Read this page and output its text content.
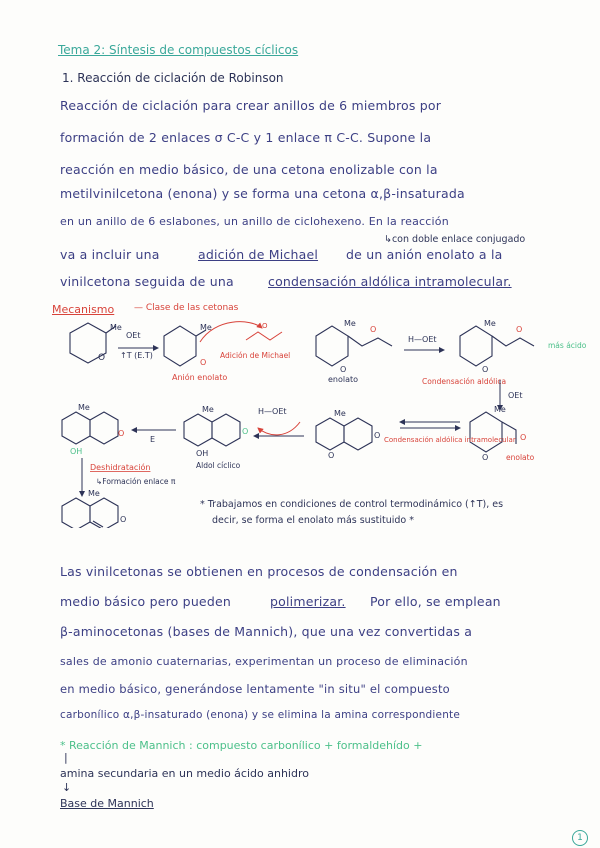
Tema 2: Síntesis de compuestos cíclicos
1. Reacción de ciclación de Robinson
Reacción de ciclación para crear anillos de 6 miembros por
formación de 2 enlaces σ C-C y 1 enlace π C-C. Supone la
reacción en medio básico, de una cetona enolizable con la
metilvinilcetona (enona) y se forma una cetona α,β-insaturada
en un anillo de 6 eslabones, un anillo de ciclohexeno. En la reacción
↳con doble enlace conjugado
va a incluir una	adición de Michael de un anión enolato a la
vinilcetona seguida de una	condensación aldólica intramolecular.
Mecanismo — Clase de las cetonas
Me
O
OEt
↑T (E.T)
Me
O
Anión enolato
O
Adición de Michael
Me
O
O
enolato
H—OEt
Me
O
O
más ácido
Condensación aldólica
OEt
Me
O
O enolato
Condensación aldólica intramolecular
Me
O
O
H—OEt
Me
OH
O
Aldol cíclico
E
Me
OH
O
Deshidratación
↳Formación enlace π
Me
O
* Trabajamos en condiciones de control termodinámico (↑T), es
decir, se forma el enolato más sustituido *
Las vinilcetonas se obtienen en procesos de condensación en
medio básico pero pueden	polimerizar. Por ello, se emplean
β-aminocetonas (bases de Mannich), que una vez convertidas a
sales de amonio cuaternarias, experimentan un proceso de eliminación
en medio básico, generándose lentamente "in situ" el compuesto
carbonílico α,β-insaturado (enona) y se elimina la amina correspondiente
* Reacción de Mannich : compuesto carbonílico + formaldehído +
|
amina secundaria en un medio ácido anhidro
↓
Base de Mannich
1
